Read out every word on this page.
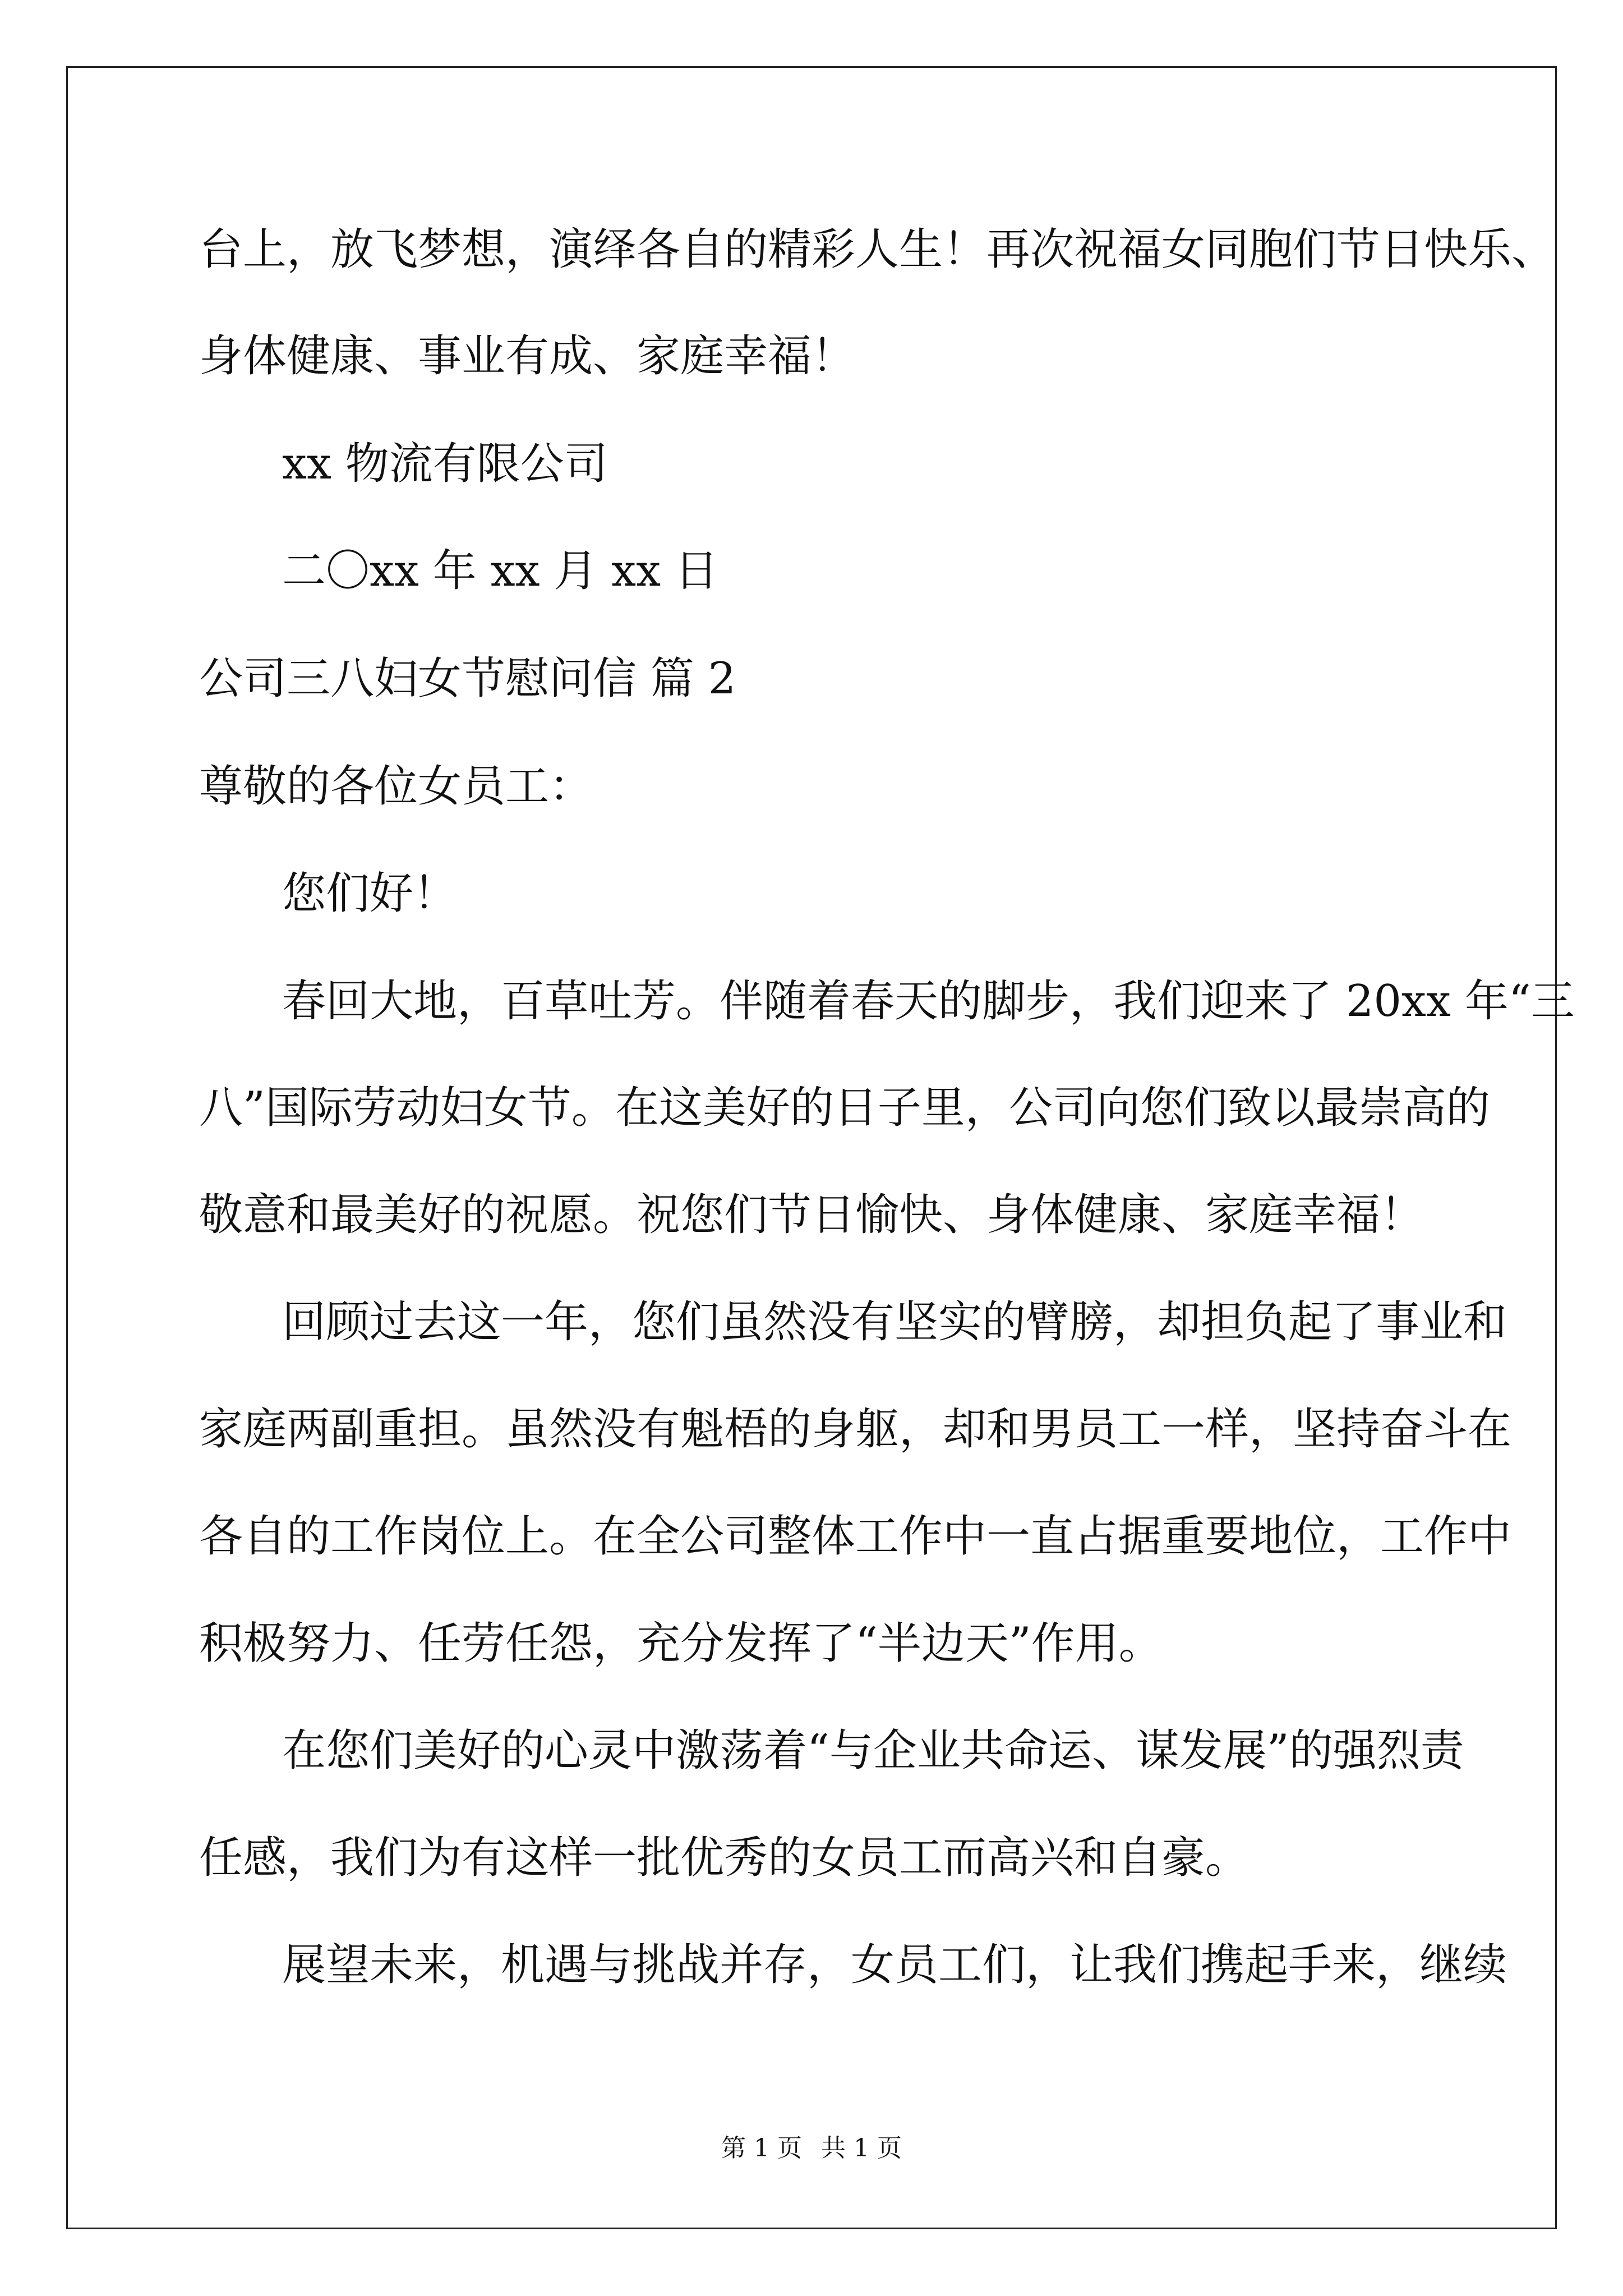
台上，放飞梦想，演绎各自的精彩人生！再次祝福女同胞们节日快乐、
身体健康、事业有成、家庭幸福！
xx 物流有限公司
二〇xx 年 xx 月 xx 日
公司三八妇女节慰问信 篇 2
尊敬的各位女员工：
您们好！
春回大地，百草吐芳。伴随着春天的脚步，我们迎来了 20xx 年“三
八”国际劳动妇女节。在这美好的日子里，公司向您们致以最崇高的
敬意和最美好的祝愿。祝您们节日愉快、身体健康、家庭幸福！
回顾过去这一年，您们虽然没有坚实的臂膀，却担负起了事业和
家庭两副重担。虽然没有魁梧的身躯，却和男员工一样，坚持奋斗在
各自的工作岗位上。在全公司整体工作中一直占据重要地位，工作中
积极努力、任劳任怨，充分发挥了“半边天”作用。
在您们美好的心灵中激荡着“与企业共命运、谋发展”的强烈责
任感，我们为有这样一批优秀的女员工而高兴和自豪。
展望未来，机遇与挑战并存，女员工们，让我们携起手来，继续
第 1 页 共 1 页
